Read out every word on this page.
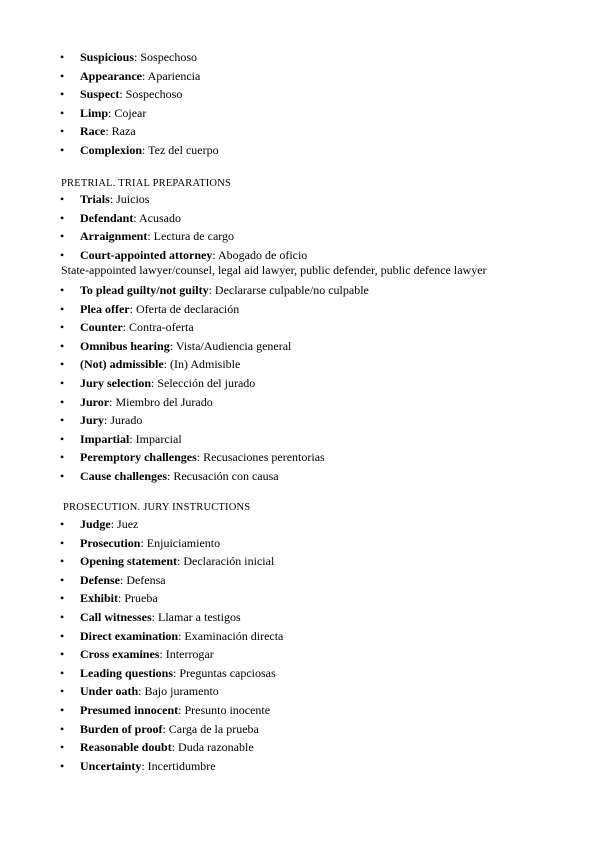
• Suspicious: Sospechoso
• Appearance: Apariencia
• Suspect: Sospechoso
• Limp: Cojear
• Race: Raza
• Complexion: Tez del cuerpo
PRETRIAL. TRIAL PREPARATIONS
• Trials: Juicios
• Defendant: Acusado
• Arraignment: Lectura de cargo
• Court-appointed attorney: Abogado de oficio
State-appointed lawyer/counsel, legal aid lawyer, public defender, public defence lawyer
• To plead guilty/not guilty: Declararse culpable/no culpable
• Plea offer: Oferta de declaración
• Counter: Contra-oferta
• Omnibus hearing: Vista/Audiencia general
• (Not) admissible: (In) Admisible
• Jury selection: Selección del jurado
• Juror: Miembro del Jurado
• Jury: Jurado
• Impartial: Imparcial
• Peremptory challenges: Recusaciones perentorias
• Cause challenges: Recusación con causa
PROSECUTION. JURY INSTRUCTIONS
• Judge: Juez
• Prosecution: Enjuiciamiento
• Opening statement: Declaración inicial
• Defense: Defensa
• Exhibit: Prueba
• Call witnesses: Llamar a testigos
• Direct examination: Examinación directa
• Cross examines: Interrogar
• Leading questions: Preguntas capciosas
• Under oath: Bajo juramento
• Presumed innocent: Presunto inocente
• Burden of proof: Carga de la prueba
• Reasonable doubt: Duda razonable
• Uncertainty: Incertidumbre
